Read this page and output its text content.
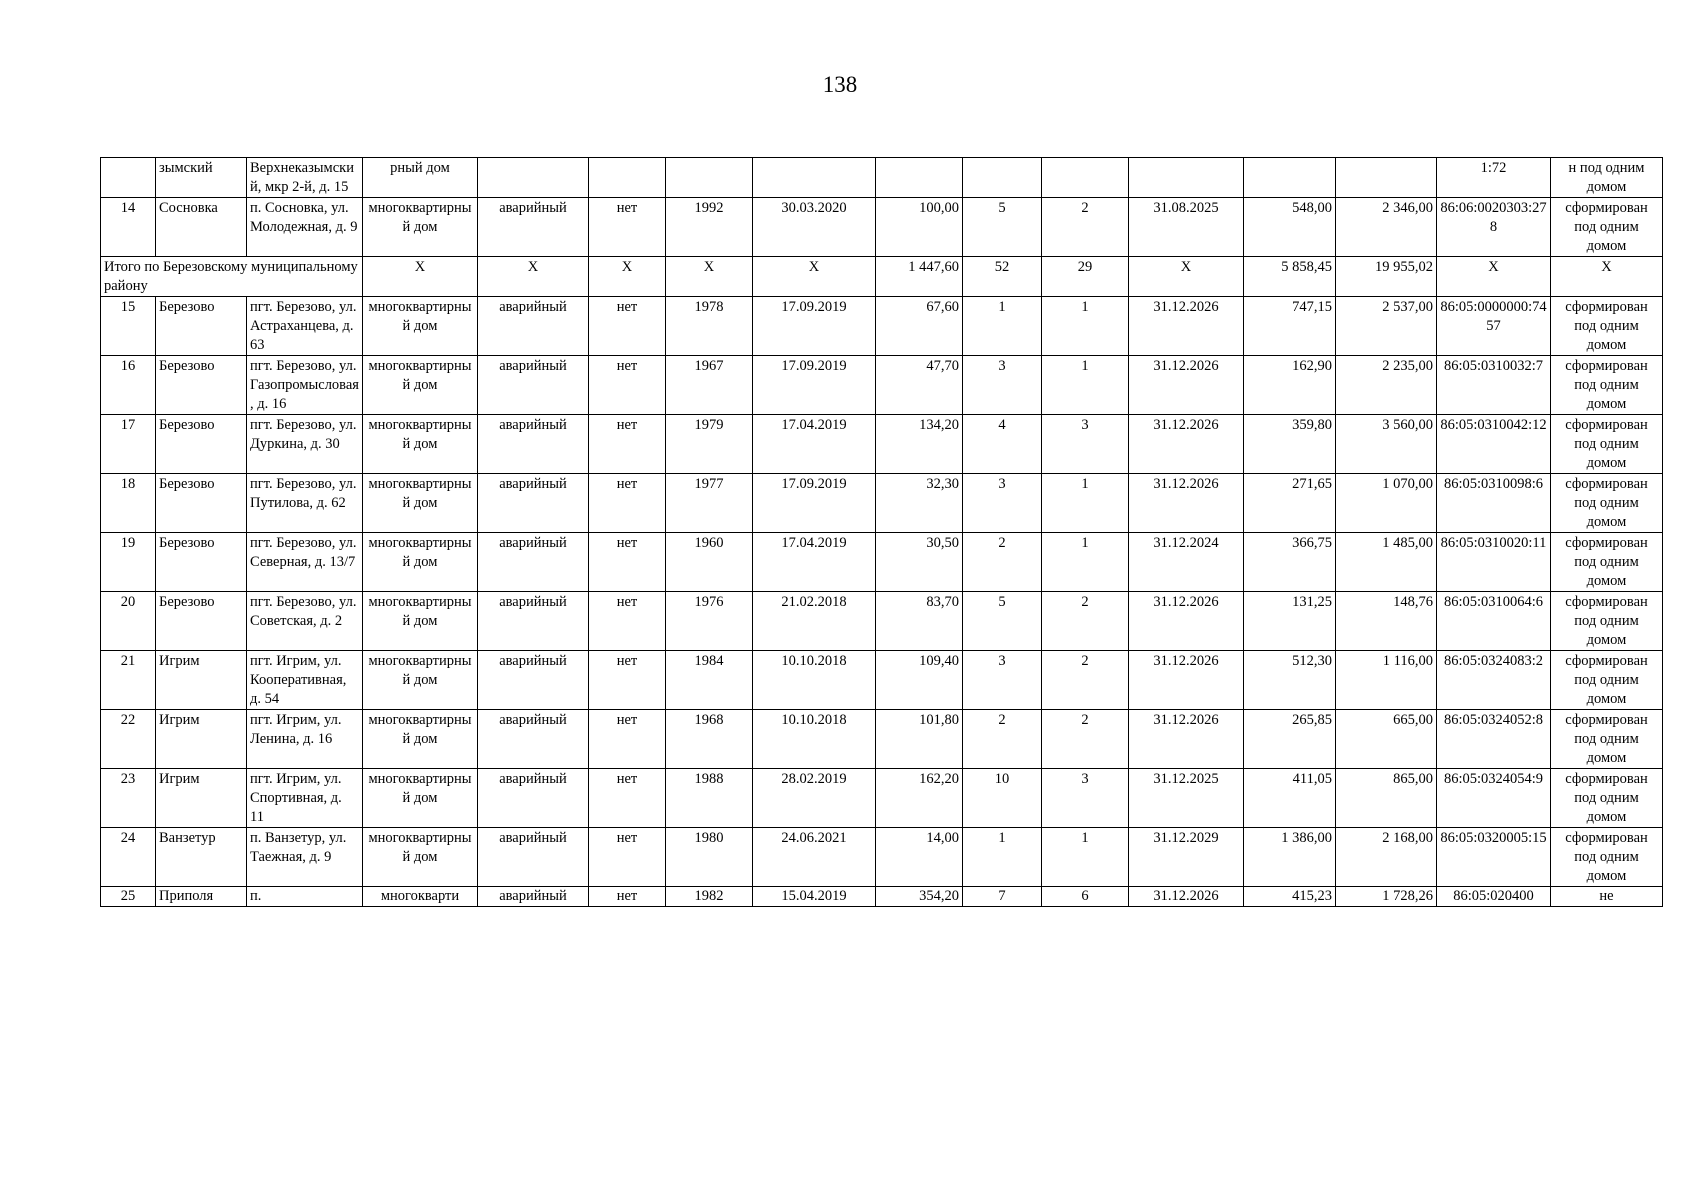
138
	зымский	Верхнеказымский, мкр 2-й, д. 15	рный дом											1:72	н под одним домом
14	Сосновка	п. Сосновка, ул. Молодежная, д. 9	многоквартирный дом	аварийный	нет	1992	30.03.2020	100,00	5	2	31.08.2025	548,00	2 346,00	86:06:0020303:278	сформирован под одним домом
Итого по Березовскому муниципальному району			X	X	X	X	X	1 447,60	52	29	X	5 858,45	19 955,02	X	X
15	Березово	пгт. Березово, ул. Астраханцева, д. 63	многоквартирный дом	аварийный	нет	1978	17.09.2019	67,60	1	1	31.12.2026	747,15	2 537,00	86:05:0000000:7457	сформирован под одним домом
16	Березово	пгт. Березово, ул. Газопромысловая, д. 16	многоквартирный дом	аварийный	нет	1967	17.09.2019	47,70	3	1	31.12.2026	162,90	2 235,00	86:05:0310032:7	сформирован под одним домом
17	Березово	пгт. Березово, ул. Дуркина, д. 30	многоквартирный дом	аварийный	нет	1979	17.04.2019	134,20	4	3	31.12.2026	359,80	3 560,00	86:05:0310042:12	сформирован под одним домом
18	Березово	пгт. Березово, ул. Путилова, д. 62	многоквартирный дом	аварийный	нет	1977	17.09.2019	32,30	3	1	31.12.2026	271,65	1 070,00	86:05:0310098:6	сформирован под одним домом
19	Березово	пгт. Березово, ул. Северная, д. 13/7	многоквартирный дом	аварийный	нет	1960	17.04.2019	30,50	2	1	31.12.2024	366,75	1 485,00	86:05:0310020:11	сформирован под одним домом
20	Березово	пгт. Березово, ул. Советская, д. 2	многоквартирный дом	аварийный	нет	1976	21.02.2018	83,70	5	2	31.12.2026	131,25	148,76	86:05:0310064:6	сформирован под одним домом
21	Игрим	пгт. Игрим, ул. Кооперативная, д. 54	многоквартирный дом	аварийный	нет	1984	10.10.2018	109,40	3	2	31.12.2026	512,30	1 116,00	86:05:0324083:2	сформирован под одним домом
22	Игрим	пгт. Игрим, ул. Ленина, д. 16	многоквартирный дом	аварийный	нет	1968	10.10.2018	101,80	2	2	31.12.2026	265,85	665,00	86:05:0324052:8	сформирован под одним домом
23	Игрим	пгт. Игрим, ул. Спортивная, д. 11	многоквартирный дом	аварийный	нет	1988	28.02.2019	162,20	10	3	31.12.2025	411,05	865,00	86:05:0324054:9	сформирован под одним домом
24	Ванзетур	п. Ванзетур, ул. Таежная, д. 9	многоквартирный дом	аварийный	нет	1980	24.06.2021	14,00	1	1	31.12.2029	1 386,00	2 168,00	86:05:0320005:15	сформирован под одним домом
25	Приполя	п.	многокварти	аварийный	нет	1982	15.04.2019	354,20	7	6	31.12.2026	415,23	1 728,26	86:05:020400	не
